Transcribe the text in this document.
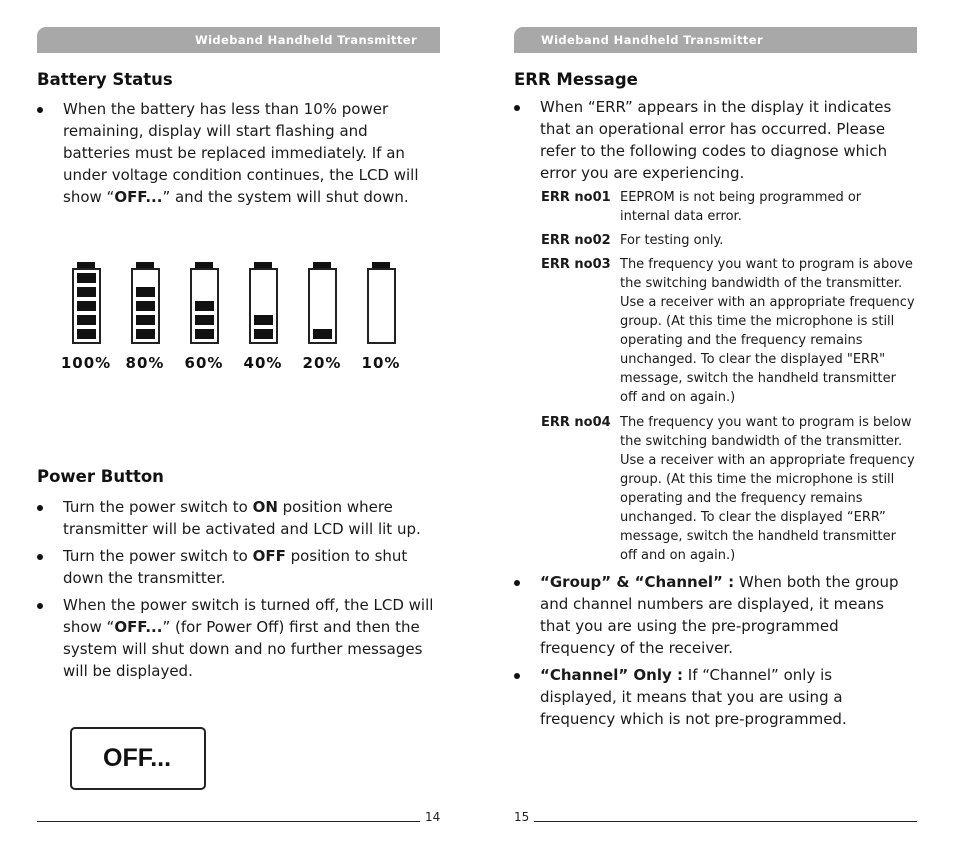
Wideband Handheld Transmitter
Battery Status
When the battery has less than 10% power remaining, display will start flashing and batteries must be replaced immediately. If an under voltage condition continues, the LCD will show “OFF...” and the system will shut down.
100% 80%	60%	40%	20%	10%
Power Button
Turn the power switch to ON position where transmitter will be activated and LCD will lit up.
Turn the power switch to OFF position to shut down the transmitter.
When the power switch is turned off, the LCD will show “OFF...” (for Power Off) first and then the system will shut down and no further messages will be displayed.
OFF...
14
Wideband Handheld Transmitter
ERR Message
When “ERR” appears in the display it indicates that an operational error has occurred. Please refer to the following codes to diagnose which error you are experiencing.
“Group” & “Channel” : When both the group and channel numbers are displayed, it means that you are using the pre-programmed frequency of the receiver.
“Channel” Only : If “Channel” only is displayed, it means that you are using a frequency which is not pre-programmed.
15
ERR no01 EEPROM is not being programmed or internal data error.
ERR no02 For testing only.
ERR no03 The frequency you want to program is above the switching bandwidth of the transmitter. Use a receiver with an appropriate frequency group. (At this time the microphone is still operating and the frequency remains unchanged. To clear the displayed "ERR" message, switch the handheld transmitter off and on again.)
ERR no04 The frequency you want to program is below the switching bandwidth of the transmitter. Use a receiver with an appropriate frequency group. (At this time the microphone is still operating and the frequency remains unchanged. To clear the displayed “ERR” message, switch the handheld transmitter off and on again.)
